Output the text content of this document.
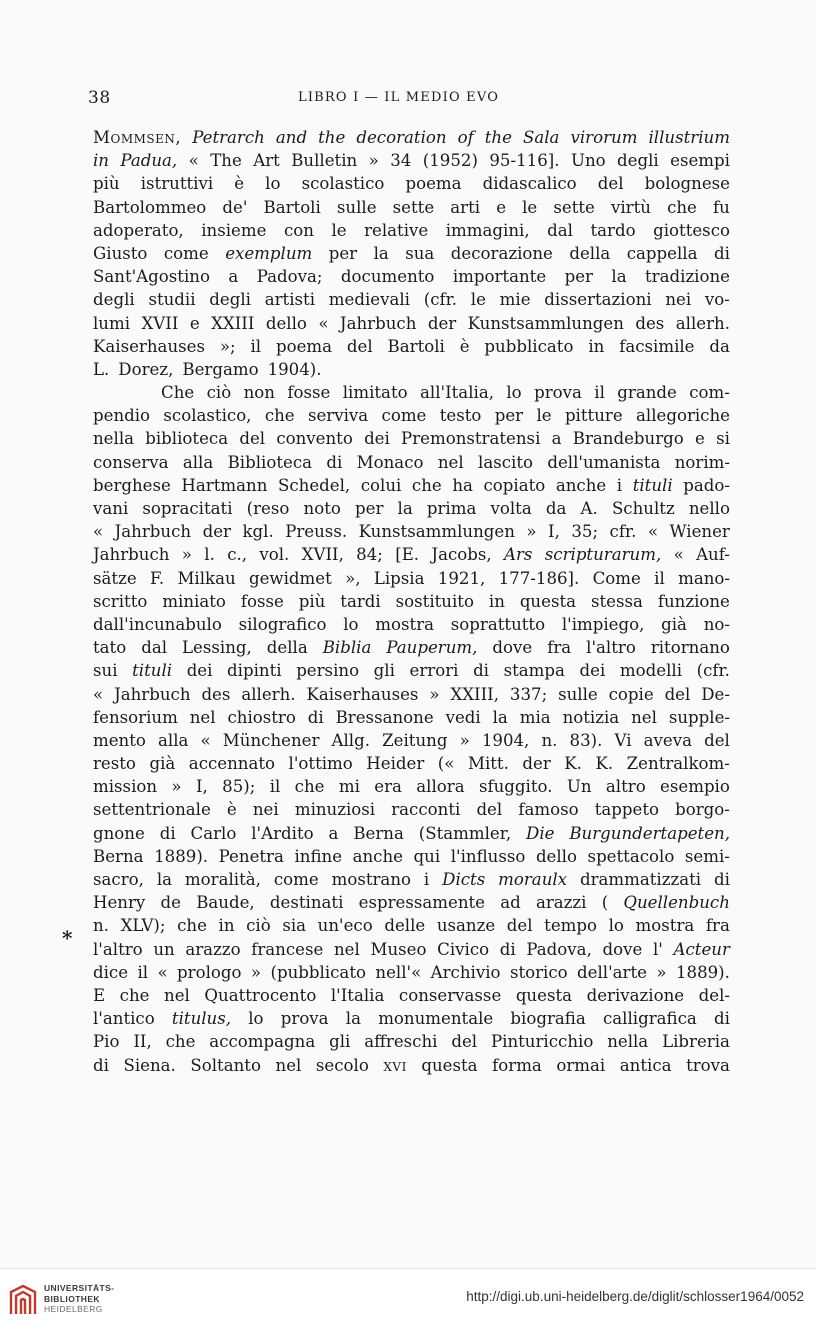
38	LIBRO I — IL MEDIO EVO
*
Mommsen, Petrarch and the decoration of the Sala virorum illustrium
in Padua, « The Art Bulletin » 34 (1952) 95-116]. Uno degli esempi
più istruttivi è lo scolastico poema didascalico del bolognese
Bartolommeo de' Bartoli sulle sette arti e le sette virtù che fu
adoperato, insieme con le relative immagini, dal tardo giottesco
Giusto come exemplum per la sua decorazione della cappella di
Sant'Agostino a Padova; documento importante per la tradizione
degli studii degli artisti medievali (cfr. le mie dissertazioni nei vo-
lumi XVII e XXIII dello « Jahrbuch der Kunstsammlungen des allerh.
Kaiserhauses »; il poema del Bartoli è pubblicato in facsimile da
L. Dorez, Bergamo 1904).
Che ciò non fosse limitato all'Italia, lo prova il grande com-
pendio scolastico, che serviva come testo per le pitture allegoriche
nella biblioteca del convento dei Premonstratensi a Brandeburgo e si
conserva alla Biblioteca di Monaco nel lascito dell'umanista norim-
berghese Hartmann Schedel, colui che ha copiato anche i tituli pado-
vani sopracitati (reso noto per la prima volta da A. Schultz nello
« Jahrbuch der kgl. Preuss. Kunstsammlungen » I, 35; cfr. « Wiener
Jahrbuch » l. c., vol. XVII, 84; [E. Jacobs, Ars scripturarum, « Auf-
sätze F. Milkau gewidmet », Lipsia 1921, 177-186]. Come il mano-
scritto miniato fosse più tardi sostituito in questa stessa funzione
dall'incunabulo silografico lo mostra soprattutto l'impiego, già no-
tato dal Lessing, della Biblia Pauperum, dove fra l'altro ritornano
sui tituli dei dipinti persino gli errori di stampa dei modelli (cfr.
« Jahrbuch des allerh. Kaiserhauses » XXIII, 337; sulle copie del De-
fensorium nel chiostro di Bressanone vedi la mia notizia nel supple-
mento alla « Münchener Allg. Zeitung » 1904, n. 83). Vi aveva del
resto già accennato l'ottimo Heider (« Mitt. der K. K. Zentralkom-
mission » I, 85); il che mi era allora sfuggito. Un altro esempio
settentrionale è nei minuziosi racconti del famoso tappeto borgo-
gnone di Carlo l'Ardito a Berna (Stammler, Die Burgundertapeten,
Berna 1889). Penetra infine anche qui l'influsso dello spettacolo semi-
sacro, la moralità, come mostrano i Dicts moraulx drammatizzati di
Henry de Baude, destinati espressamente ad arazzi ( Quellenbuch
n. XLV); che in ciò sia un'eco delle usanze del tempo lo mostra fra
l'altro un arazzo francese nel Museo Civico di Padova, dove l' Acteur
dice il « prologo » (pubblicato nell'« Archivio storico dell'arte » 1889).
E che nel Quattrocento l'Italia conservasse questa derivazione del-
l'antico titulus, lo prova la monumentale biografia calligrafica di
Pio II, che accompagna gli affreschi del Pinturicchio nella Libreria
di Siena. Soltanto nel secolo xvi questa forma ormai antica trova
UNIVERSITÄTS-
BIBLIOTHEK
HEIDELBERG
http://digi.ub.uni-heidelberg.de/diglit/schlosser1964/0052
